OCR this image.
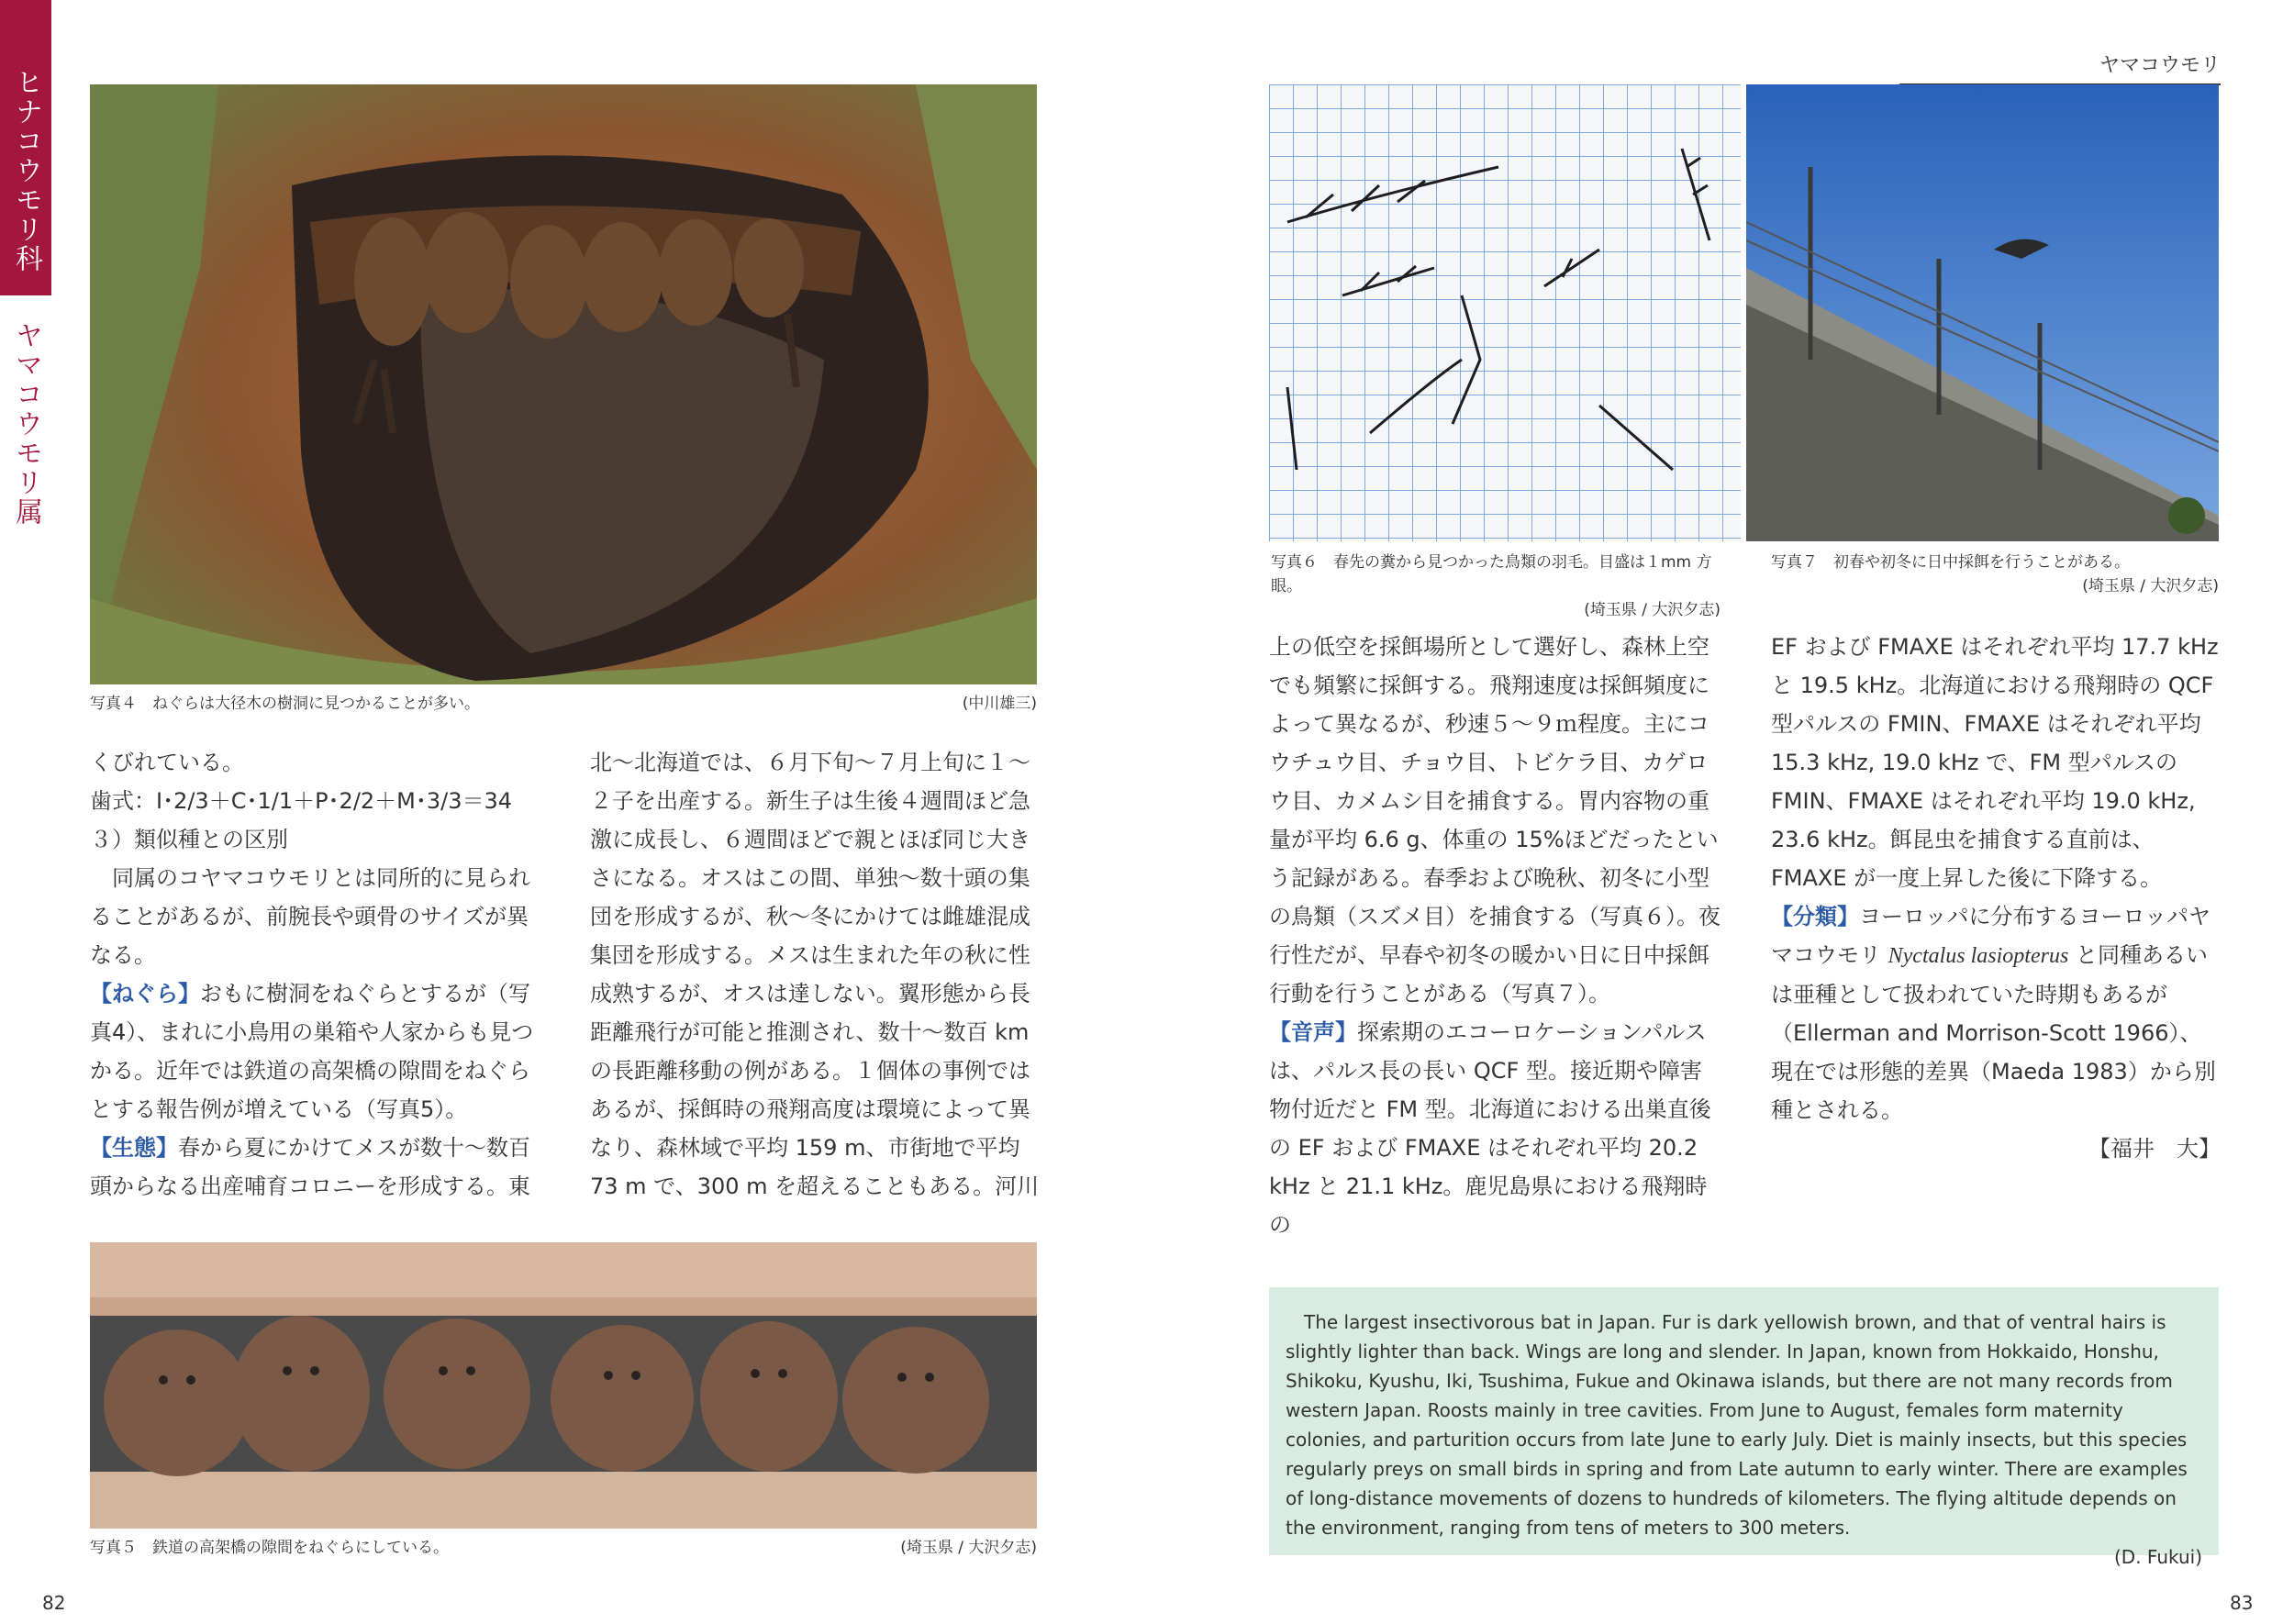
ヒナコウモリ科
ヤマコウモリ属
ヤマコウモリ
(中川雄三)
写真４　ねぐらは大径木の樹洞に見つかることが多い。

くびれている。

歯式：I･2/3＋C･1/1＋P･2/2＋M･3/3＝34

３）類似種との区別

同属のコヤマコウモリとは同所的に見られることがあるが、前腕長や頭骨のサイズが異なる。

【ねぐら】おもに樹洞をねぐらとするが（写真4）、まれに小鳥用の巣箱や人家からも見つかる。近年では鉄道の高架橋の隙間をねぐらとする報告例が増えている（写真5）。

【生態】春から夏にかけてメスが数十〜数百頭からなる出産哺育コロニーを形成する。東

北〜北海道では、６月下旬〜７月上旬に１〜２子を出産する。新生子は生後４週間ほど急激に成長し、６週間ほどで親とほぼ同じ大きさになる。オスはこの間、単独〜数十頭の集団を形成するが、秋〜冬にかけては雌雄混成集団を形成する。メスは生まれた年の秋に性成熟するが、オスは達しない。翼形態から長距離飛行が可能と推測され、数十〜数百 km の長距離移動の例がある。１個体の事例ではあるが、採餌時の飛翔高度は環境によって異なり、森林域で平均 159 m、市街地で平均 73 m で、300 m を超えることもある。河川

(埼玉県 / 大沢夕志)
写真５　鉄道の高架橋の隙間をねぐらにしている。
82
写真６　春先の糞から見つかった鳥類の羽毛。目盛は１mm 方眼。
(埼玉県 / 大沢夕志)
写真７　初春や初冬に日中採餌を行うことがある。
(埼玉県 / 大沢夕志)

上の低空を採餌場所として選好し、森林上空でも頻繁に採餌する。飛翔速度は採餌頻度によって異なるが、秒速５〜９ｍ程度。主にコウチュウ目、チョウ目、トビケラ目、カゲロウ目、カメムシ目を捕食する。胃内容物の重量が平均 6.6 g、体重の 15%ほどだったという記録がある。春季および晩秋、初冬に小型の鳥類（スズメ目）を捕食する（写真６）。夜行性だが、早春や初冬の暖かい日に日中採餌行動を行うことがある（写真７）。

【音声】探索期のエコーロケーションパルスは、パルス長の長い QCF 型。接近期や障害物付近だと FM 型。北海道における出巣直後の EF および FMAXE はそれぞれ平均 20.2 kHz と 21.1 kHz。鹿児島県における飛翔時の

EF および FMAXE はそれぞれ平均 17.7 kHz と 19.5 kHz。北海道における飛翔時の QCF 型パルスの FMIN、FMAXE はそれぞれ平均 15.3 kHz, 19.0 kHz で、FM 型パルスの FMIN、FMAXE はそれぞれ平均 19.0 kHz, 23.6 kHz。餌昆虫を捕食する直前は、FMAXE が一度上昇した後に下降する。

【分類】ヨーロッパに分布するヨーロッパヤマコウモリ Nyctalus lasiopterus と同種あるいは亜種として扱われていた時期もあるが（Ellerman and Morrison-Scott 1966）、現在では形態的差異（Maeda 1983）から別種とされる。

【福井　大】

The largest insectivorous bat in Japan. Fur is dark yellowish brown, and that of ventral hairs is slightly lighter than back. Wings are long and slender. In Japan, known from Hokkaido, Honshu, Shikoku, Kyushu, Iki, Tsushima, Fukue and Okinawa islands, but there are not many records from western Japan. Roosts mainly in tree cavities. From June to August, females form maternity colonies, and parturition occurs from late June to early July. Diet is mainly insects, but this species regularly preys on small birds in spring and from Late autumn to early winter. There are examples of long-distance movements of dozens to hundreds of kilometers. The flying altitude depends on the environment, ranging from tens of meters to 300 meters.
(D. Fukui)
83
